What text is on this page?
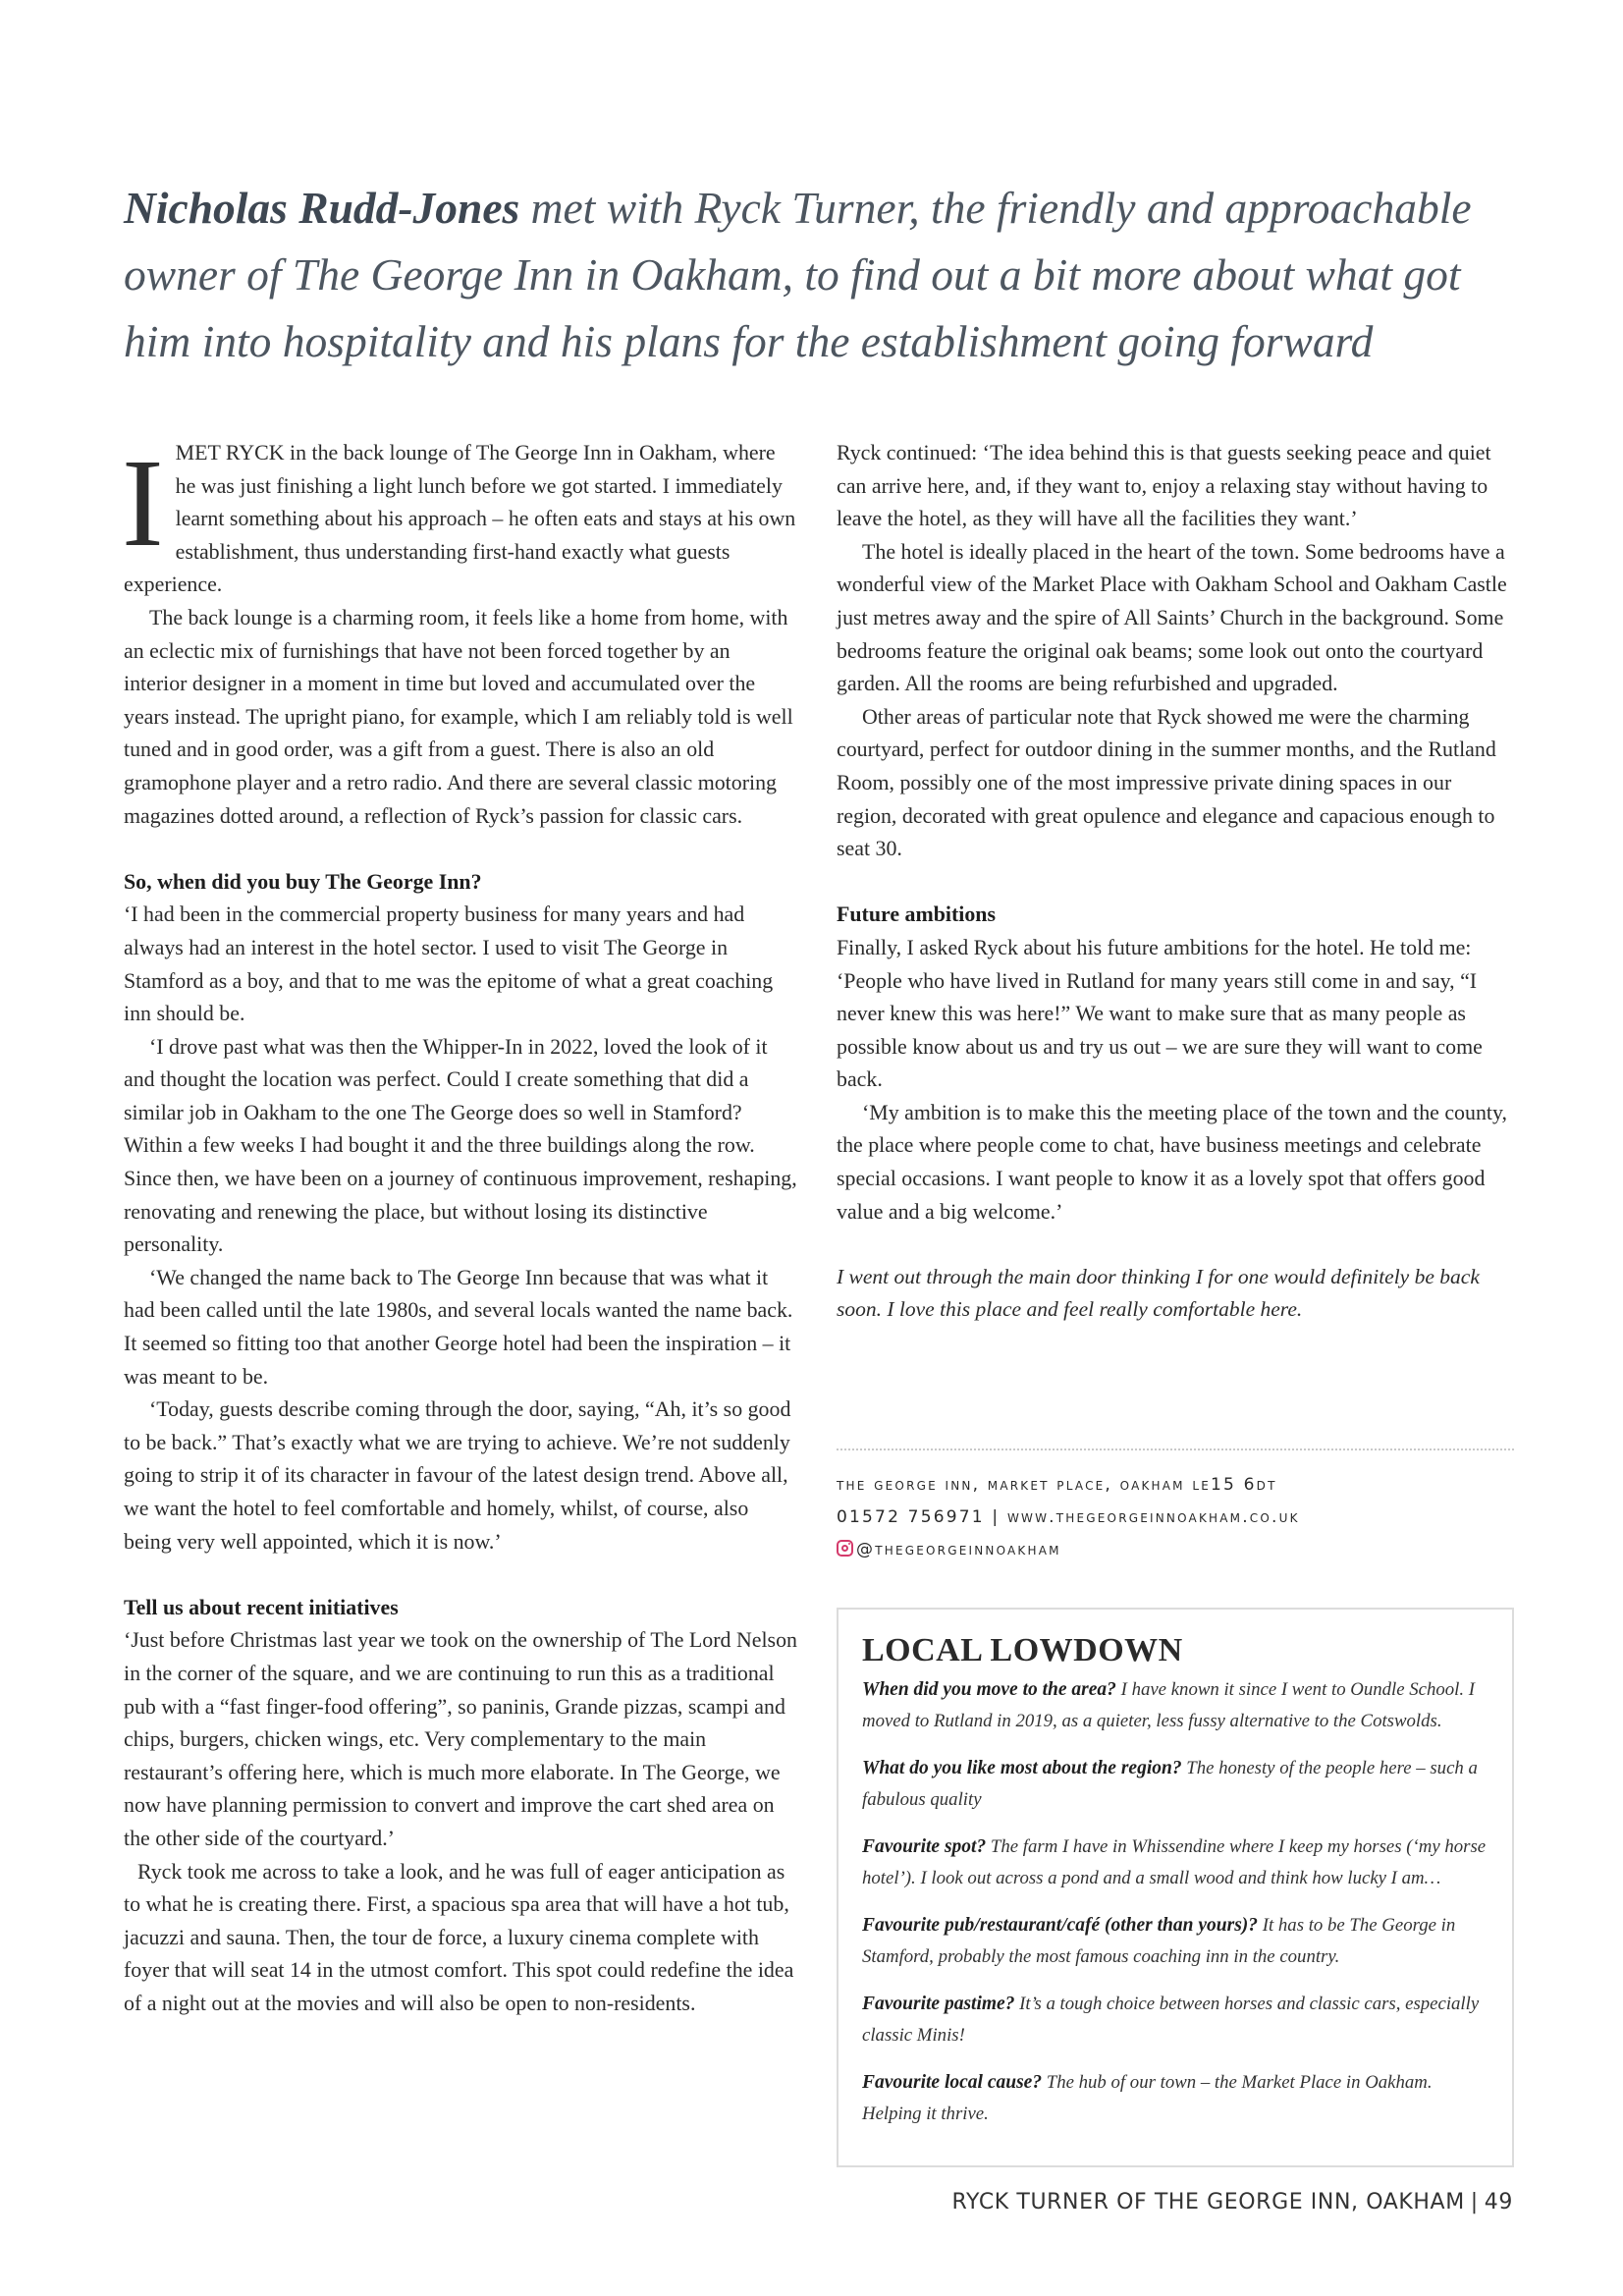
Nicholas Rudd-Jones met with Ryck Turner, the friendly and approachable owner of The George Inn in Oakham, to find out a bit more about what got him into hospitality and his plans for the establishment going forward

IMET RYCK in the back lounge of The George Inn in Oakham, where he was just finishing a light lunch before we got started. I immediately learnt something about his approach – he often eats and stays at his own establishment, thus understanding first-hand exactly what guests experience.

The back lounge is a charming room, it feels like a home from home, with an eclectic mix of furnishings that have not been forced together by an interior designer in a moment in time but loved and accumulated over the years instead. The upright piano, for example, which I am reliably told is well tuned and in good order, was a gift from a guest. There is also an old gramophone player and a retro radio. And there are several classic motoring magazines dotted around, a reflection of Ryck’s passion for classic cars.

So, when did you buy The George Inn?

‘I had been in the commercial property business for many years and had always had an interest in the hotel sector. I used to visit The George in Stamford as a boy, and that to me was the epitome of what a great coaching inn should be.

‘I drove past what was then the Whipper-In in 2022, loved the look of it and thought the location was perfect. Could I create something that did a similar job in Oakham to the one The George does so well in Stamford? Within a few weeks I had bought it and the three buildings along the row. Since then, we have been on a journey of continuous improvement, reshaping, renovating and renewing the place, but without losing its distinctive personality.

‘We changed the name back to The George Inn because that was what it had been called until the late 1980s, and several locals wanted the name back. It seemed so fitting too that another George hotel had been the inspiration – it was meant to be.

‘Today, guests describe coming through the door, saying, “Ah, it’s so good to be back.” That’s exactly what we are trying to achieve. We’re not suddenly going to strip it of its character in favour of the latest design trend. Above all, we want the hotel to feel comfortable and homely, whilst, of course, also being very well appointed, which it is now.’

Tell us about recent initiatives

‘Just before Christmas last year we took on the ownership of The Lord Nelson in the corner of the square, and we are continuing to run this as a traditional pub with a “fast finger-food offering”, so paninis, Grande pizzas, scampi and chips, burgers, chicken wings, etc. Very complementary to the main restaurant’s offering here, which is much more elaborate. In The George, we now have planning permission to convert and improve the cart shed area on the other side of the courtyard.’

Ryck took me across to take a look, and he was full of eager anticipation as to what he is creating there. First, a spacious spa area that will have a hot tub, jacuzzi and sauna. Then, the tour de force, a luxury cinema complete with foyer that will seat 14 in the utmost comfort. This spot could redefine the idea of a night out at the movies and will also be open to non-residents.

Ryck continued: ‘The idea behind this is that guests seeking peace and quiet can arrive here, and, if they want to, enjoy a relaxing stay without having to leave the hotel, as they will have all the facilities they want.’

The hotel is ideally placed in the heart of the town. Some bedrooms have a wonderful view of the Market Place with Oakham School and Oakham Castle just metres away and the spire of All Saints’ Church in the background. Some bedrooms feature the original oak beams; some look out onto the courtyard garden. All the rooms are being refurbished and upgraded.

Other areas of particular note that Ryck showed me were the charming courtyard, perfect for outdoor dining in the summer months, and the Rutland Room, possibly one of the most impressive private dining spaces in our region, decorated with great opulence and elegance and capacious enough to seat 30.

Future ambitions

Finally, I asked Ryck about his future ambitions for the hotel. He told me: ‘People who have lived in Rutland for many years still come in and say, “I never knew this was here!” We want to make sure that as many people as possible know about us and try us out – we are sure they will want to come back.

‘My ambition is to make this the meeting place of the town and the county, the place where people come to chat, have business meetings and celebrate special occasions. I want people to know it as a lovely spot that offers good value and a big welcome.’

I went out through the main door thinking I for one would definitely be back soon. I love this place and feel really comfortable here.

the george inn, market place, oakham le15 6dt
01572 756971 | www.thegeorgeinnoakham.co.uk
@thegeorgeinnoakham
LOCAL LOWDOWN

When did you move to the area? I have known it since I went to Oundle School. I moved to Rutland in 2019, as a quieter, less fussy alternative to the Cotswolds.

What do you like most about the region? The honesty of the people here – such a fabulous quality

Favourite spot? The farm I have in Whissendine where I keep my horses (‘my horse hotel’). I look out across a pond and a small wood and think how lucky I am…

Favourite pub/restaurant/café (other than yours)? It has to be The George in Stamford, probably the most famous coaching inn in the country.

Favourite pastime? It’s a tough choice between horses and classic cars, especially classic Minis!

Favourite local cause? The hub of our town – the Market Place in Oakham. Helping it thrive.

RYCK TURNER OF THE GEORGE INN, OAKHAM | 49
